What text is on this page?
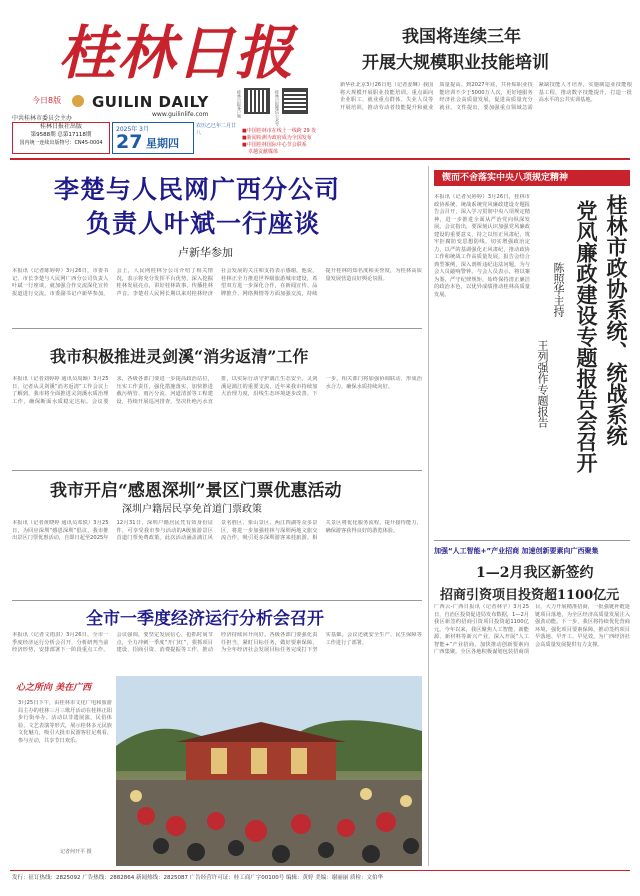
桂林日报
今日8版
中共桂林市委员会主办
GUILIN DAILY
www.guilinlife.com	桂林日报客户端	桂林日报微信公众号
桂林日报社出版
第9588期 总第17118期
国内统一连续出版物号：CN45-0004
2025年 3月
27 星期四
农历乙巳年二月廿八	■中国桂林市在线上一线跨 29 发
■新闻检测为政府成为全国发布
■中国桂林国际中心节会联系
卓越贡献媒体
我国将连续三年
开展大规模职业技能培训
新华社北京3月26日电（记者姜琳）我国将大规模开展职业技能培训，重点面向企业职工、就业重点群体、失业人员等开展培训，推动劳动者技能提升和就业质量提高。到2027年底，共补贴职业技能培训不少于5000万人次，更好地服务经济社会高质量发展，促进高质量充分就业。文件提出，要加强重点领域急需紧缺技能人才培养，实施制造业技能根基工程，推动数字技能提升，打造一批高水平的公共实训基地。
李楚与人民网广西分公司
负责人叶斌一行座谈
卢新华参加
本报讯（记者陈婷婷）3月26日，市委书记、市长李楚与人民网广西分公司负责人叶斌一行座谈，就加强合作交流深化宣传报道进行交流。市委副书记卢新华参加。会上，人民网桂林分公司介绍了相关情况，表示将充分发挥平台优势，深入挖掘桂林发展亮点，讲好桂林故事，传播桂林声音。李楚对人民网长期以来对桂林经济社会发展的关注和支持表示感谢。他说，桂林正全力推进世界级旅游城市建设，希望双方进一步深化合作，在新闻宣传、品牌推介、网络舆情等方面加强交流，持续提升桂林的知名度和美誉度，为桂林高质量发展营造良好舆论氛围。
我市积极推进灵剑溪“消劣返清”工作
本报讯（记者刘婷婷 通讯员周颖）3月25日，记者从灵剑溪“消劣返清”工作会议上了解到，我市将全面推进灵剑溪水质治理工作，确保断面水质稳定达标。会议要求，各级各部门要进一步提高政治站位，压实工作责任，强化措施落实，加快推进截污纳管、雨污分流、河道清淤等工程建设，持续开展巡河排查，坚决杜绝污水直排，以实际行动守护漓江生态安全。灵剑溪是漓江的重要支流，近年来我市持续加大治理力度，沿线生态环境逐步改善。下一步，相关部门将加强协调联动，形成治水合力，确保水质持续向好。
我市开启“感恩深圳”景区门票优惠活动
深圳户籍居民享免首道门票政策
本报讯（记者黄晓婷 通讯员邓轶）3月25日，为回应深圳“感恩深圳”倡议，我市推出景区门票优惠活动，自即日起至2025年12月31日，深圳户籍居民凭有效身份证件，可享受我市参与活动的A级旅游景区首道门票免费政策。此次活动涵盖漓江风景名胜区、象山景区、两江四湖等众多景区，将进一步加强桂林与深圳两地文旅交流合作，吸引更多深圳游客来桂旅游。相关景区将优化服务流程，提升接待能力，确保游客获得良好的游览体验。
全市一季度经济运行分析会召开
本报讯（记者文雨淇）3月26日，全市一季度经济运行分析会召开，分析研判当前经济形势，安排部署下一阶段重点工作。会议强调，要坚定发展信心，抢抓时间节点，全力冲刺一季度“开门红”，狠抓项目建设、招商引资、消费提振等工作，推动经济持续回升向好。各级各部门要强化责任担当，紧盯目标任务，做好要素保障，为全年经济社会发展目标任务完成打下坚实基础。会议还就安全生产、民生保障等工作进行了部署。
心之所向 美在广西
3月25日下午，由桂林市文化广电和旅游局主办的桂林三月三歌圩活动在桂林正阳步行街举办。活动以非遗展演、民俗体验、文艺表演等形式，展示桂林多元民族文化魅力，吸引大批市民游客驻足观看、参与互动，共享节日欢乐。
记者何开平 摄
锲而不舍落实中央八项规定精神
桂林市政协系统、统战系统
党风廉政建设专题报告会召开
陈照华主持
王列强作专题报告
本报讯（记者吴婷婷）3月26日，桂林市政协系统、统战系统党风廉政建设专题报告会召开，深入学习贯彻中央八项规定精神，进一步推进全面从严治党向纵深发展。会议指出，要深刻认识加强党风廉政建设的重要意义，持之以恒正风肃纪，筑牢拒腐防变思想防线，切实增强政治定力，以严的基调强化正风肃纪，推动政协工作和统战工作高质量发展。报告会结合典型案例，深入剖析违纪违法问题，为与会人员敲响警钟。与会人员表示，将以案为鉴，严守纪律规矩，始终保持清正廉洁的政治本色，以优异成绩推动桂林高质量发展。
加强“人工智能+”产业招商 加速创新要素向广西聚集
1—2月我区新签约
招商引资项目投资超1100亿元
广西云-广西日报讯（记者林宇）3月25日，自治区投资促进局发布数据，1—2月我区新签约招商引资项目投资超1100亿元。今年以来，我区聚焦人工智能、新能源、新材料等新兴产业，深入开展“人工智能+”产业招商，加快推动创新要素向广西集聚。全区各地积极谋划包装招商项目，大力开展精准招商，一批强链补链延链项目落地，为全区经济高质量发展注入强劲动能。下一步，我区将持续优化营商环境，强化项目要素保障，推动签约项目早落地、早开工、早见效，为广西经济社会高质量发展提供有力支撑。
发行：征订热线：2825092 广告热线：2882864 新闻热线：2825087 广告经营许可证：桂工商广字00100号 编辑：黄婷 美编：谢丽丽 质检：文伯华
